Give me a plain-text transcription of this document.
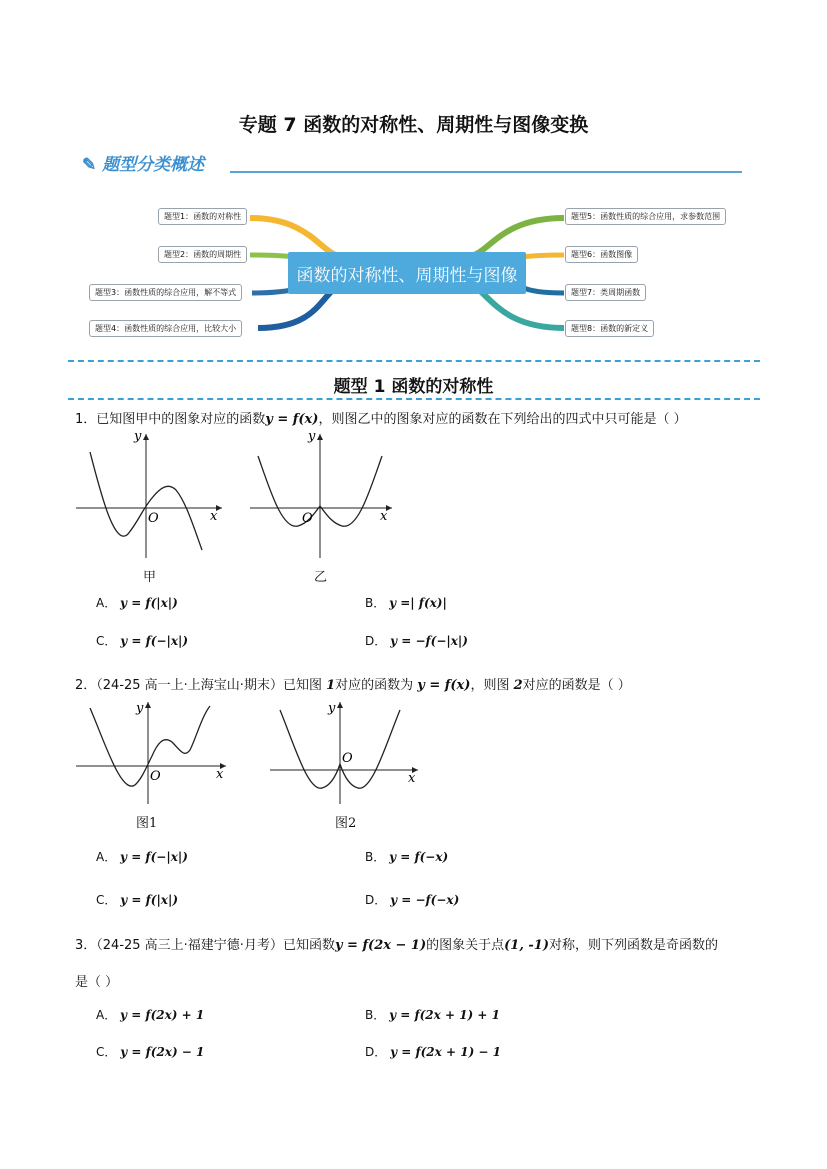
专题 7 函数的对称性、周期性与图像变换
✎ 题型分类概述
题型1：函数的对称性
题型2：函数的周期性
题型3：函数性质的综合应用，解不等式
题型4：函数性质的综合应用，比较大小
题型5：函数性质的综合应用，求参数范围
题型6：函数图像
题型7：类周期函数
题型8：函数的新定义
函数的对称性、周期性与图像
题型 1 函数的对称性
1．已知图甲中的图象对应的函数y = f(x)，则图乙中的图象对应的函数在下列给出的四式中只可能是（ ）
x
y
O
甲
x
y
O
乙
A． y = f(|x|)	B． y =| f(x)|
C． y = f(−|x|)	D． y = −f(−|x|)
2．（24-25 高一上·上海宝山·期末）已知图 1对应的函数为 y = f(x)，则图 2对应的函数是（ ）
x
y
O
图1
x
y
O
图2
A． y = f(−|x|)	B． y = f(−x)
C． y = f(|x|)	D． y = −f(−x)
3．（24-25 高三上·福建宁德·月考）已知函数y = f(2x − 1)的图象关于点(1, -1)对称，则下列函数是奇函数的
是（ ）
A． y = f(2x) + 1	B． y = f(2x + 1) + 1
C． y = f(2x) − 1	D． y = f(2x + 1) − 1
